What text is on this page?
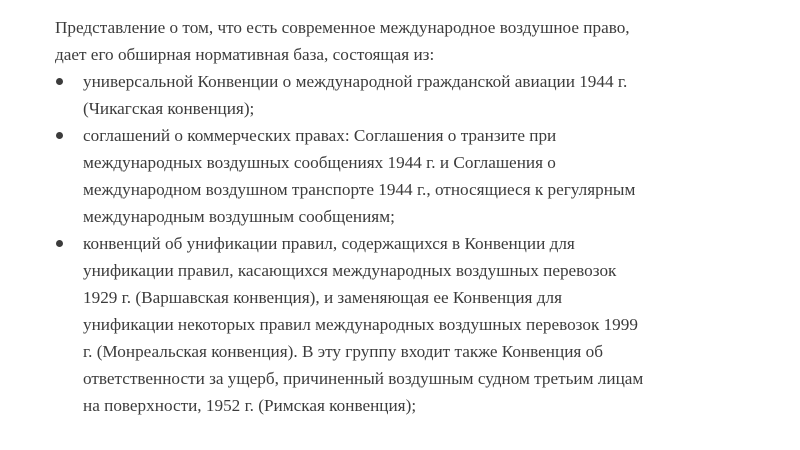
Представление о том, что есть современное международное воздушное право,
дает его обширная нормативная база, состоящая из:

универсальной Конвенции о международной гражданской авиации 1944 г.
(Чикагская конвенция);
соглашений о коммерческих правах: Соглашения о транзите при
международных воздушных сообщениях 1944 г. и Соглашения о
международном воздушном транспорте 1944 г., относящиеся к регулярным
международным воздушным сообщениям;
конвенций об унификации правил, содержащихся в Конвенции для
унификации правил, касающихся международных воздушных перевозок
1929 г. (Варшавская конвенция), и заменяющая ее Конвенция для
унификации некоторых правил международных воздушных перевозок 1999
г. (Монреальская конвенция). В эту группу входит также Конвенция об
ответственности за ущерб, причиненный воздушным судном третьим лицам
на поверхности, 1952 г. (Римская конвенция);
